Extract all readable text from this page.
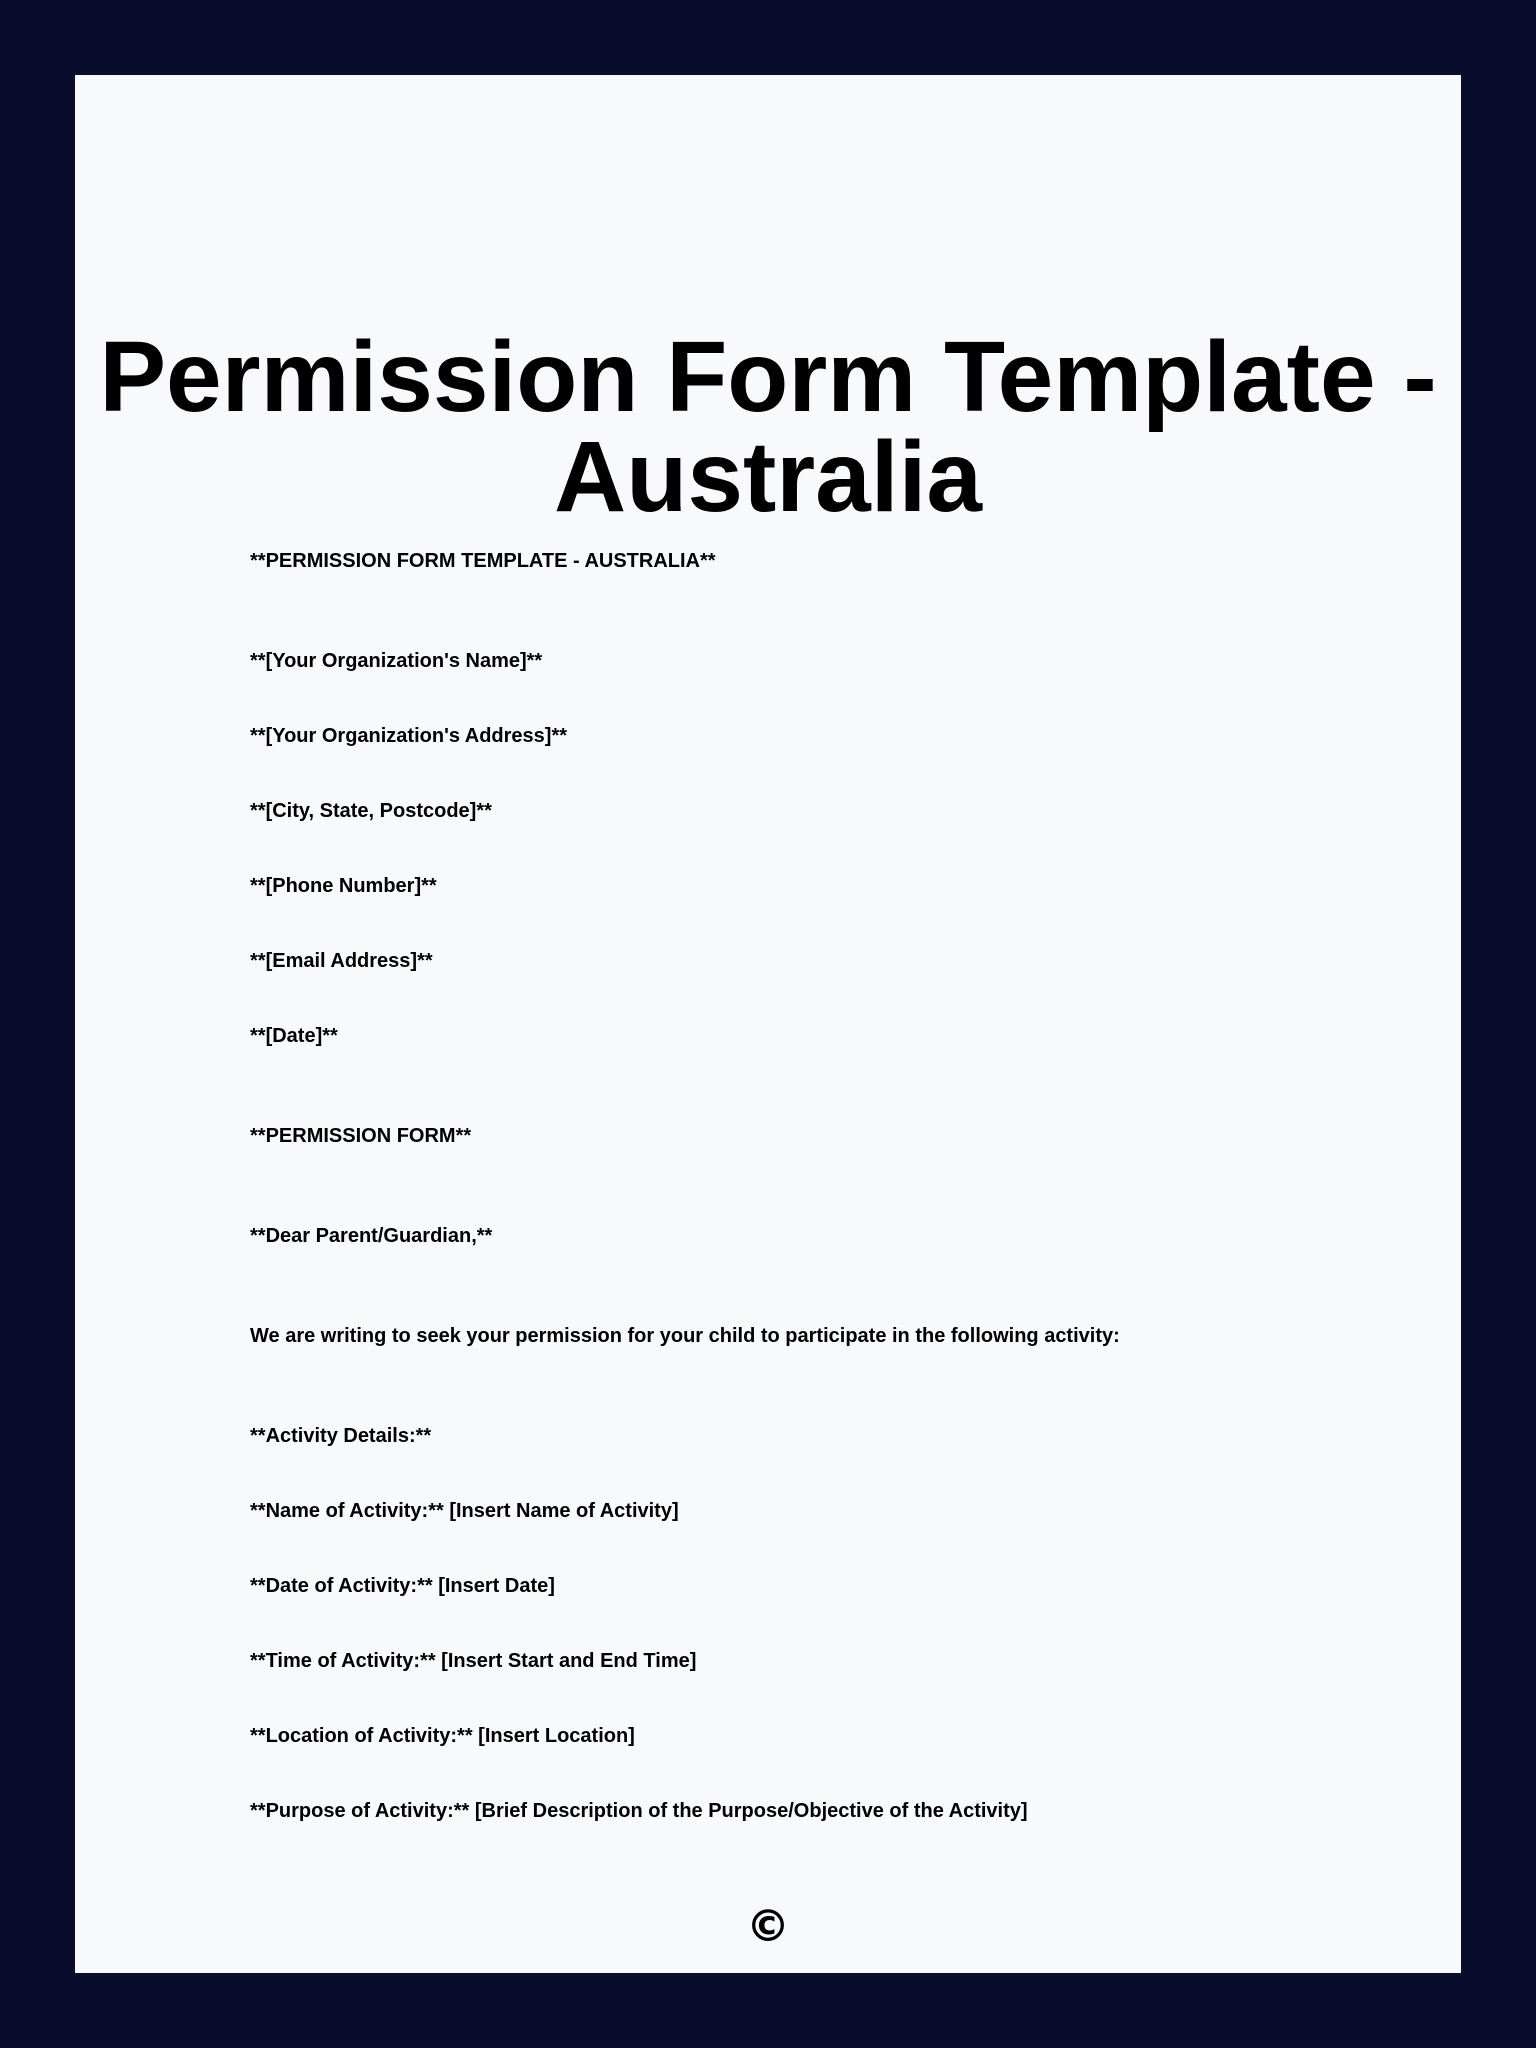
Permission Form Template - Australia

**PERMISSION FORM TEMPLATE - AUSTRALIA**

**[Your Organization's Name]**

**[Your Organization's Address]**

**[City, State, Postcode]**

**[Phone Number]**

**[Email Address]**

**[Date]**

**PERMISSION FORM**

**Dear Parent/Guardian,**

We are writing to seek your permission for your child to participate in the following activity:

**Activity Details:**

**Name of Activity:** [Insert Name of Activity]

**Date of Activity:** [Insert Date]

**Time of Activity:** [Insert Start and End Time]

**Location of Activity:** [Insert Location]

**Purpose of Activity:** [Brief Description of the Purpose/Objective of the Activity]

©
